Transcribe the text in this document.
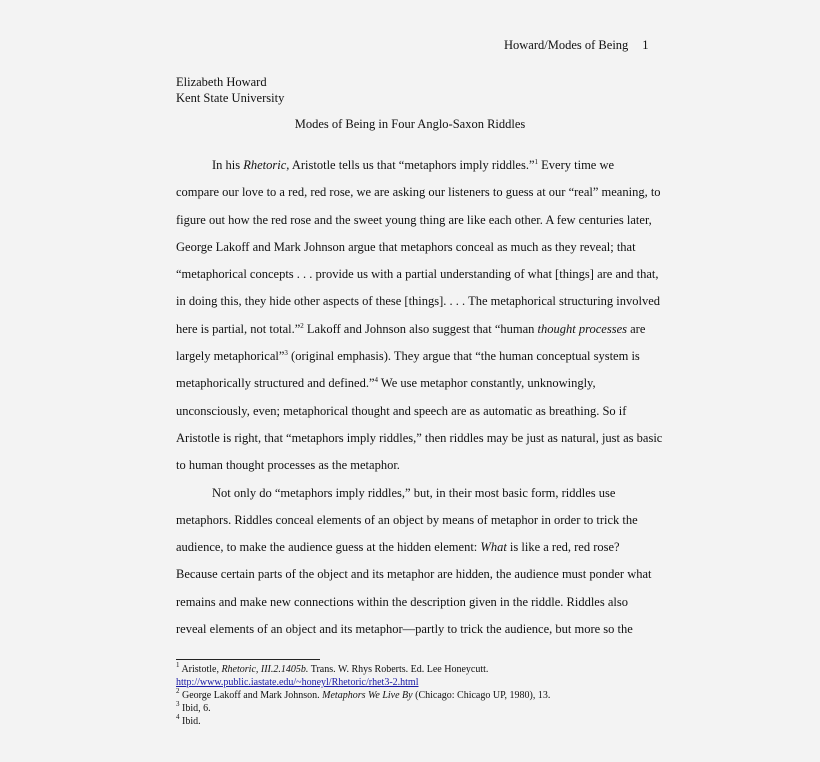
Howard/Modes of Being 1
Elizabeth Howard
Kent State University
Modes of Being in Four Anglo-Saxon Riddles
In his Rhetoric, Aristotle tells us that “metaphors imply riddles.”$^1$ Every time we
compare our love to a red, red rose, we are asking our listeners to guess at our “real” meaning, to
figure out how the red rose and the sweet young thing are like each other. A few centuries later,
George Lakoff and Mark Johnson argue that metaphors conceal as much as they reveal; that
“metaphorical concepts . . . provide us with a partial understanding of what [things] are and that,
in doing this, they hide other aspects of these [things]. . . . The metaphorical structuring involved
here is partial, not total.”$^2$ Lakoff and Johnson also suggest that “human thought processes are
largely metaphorical”$^3$ (original emphasis). They argue that “the human conceptual system is
metaphorically structured and defined.”$^4$ We use metaphor constantly, unknowingly,
unconsciously, even; metaphorical thought and speech are as automatic as breathing. So if
Aristotle is right, that “metaphors imply riddles,” then riddles may be just as natural, just as basic
to human thought processes as the metaphor.
Not only do “metaphors imply riddles,” but, in their most basic form, riddles use
metaphors. Riddles conceal elements of an object by means of metaphor in order to trick the
audience, to make the audience guess at the hidden element: What is like a red, red rose?
Because certain parts of the object and its metaphor are hidden, the audience must ponder what
remains and make new connections within the description given in the riddle. Riddles also
reveal elements of an object and its metaphor—partly to trick the audience, but more so the
$^1$ Aristotle, Rhetoric, III.2.1405b. Trans. W. Rhys Roberts. Ed. Lee Honeycutt.
http://www.public.iastate.edu/~honeyl/Rhetoric/rhet3-2.html
$^2$ George Lakoff and Mark Johnson. Metaphors We Live By (Chicago: Chicago UP, 1980), 13.
$^3$ Ibid, 6.
$^4$ Ibid.
